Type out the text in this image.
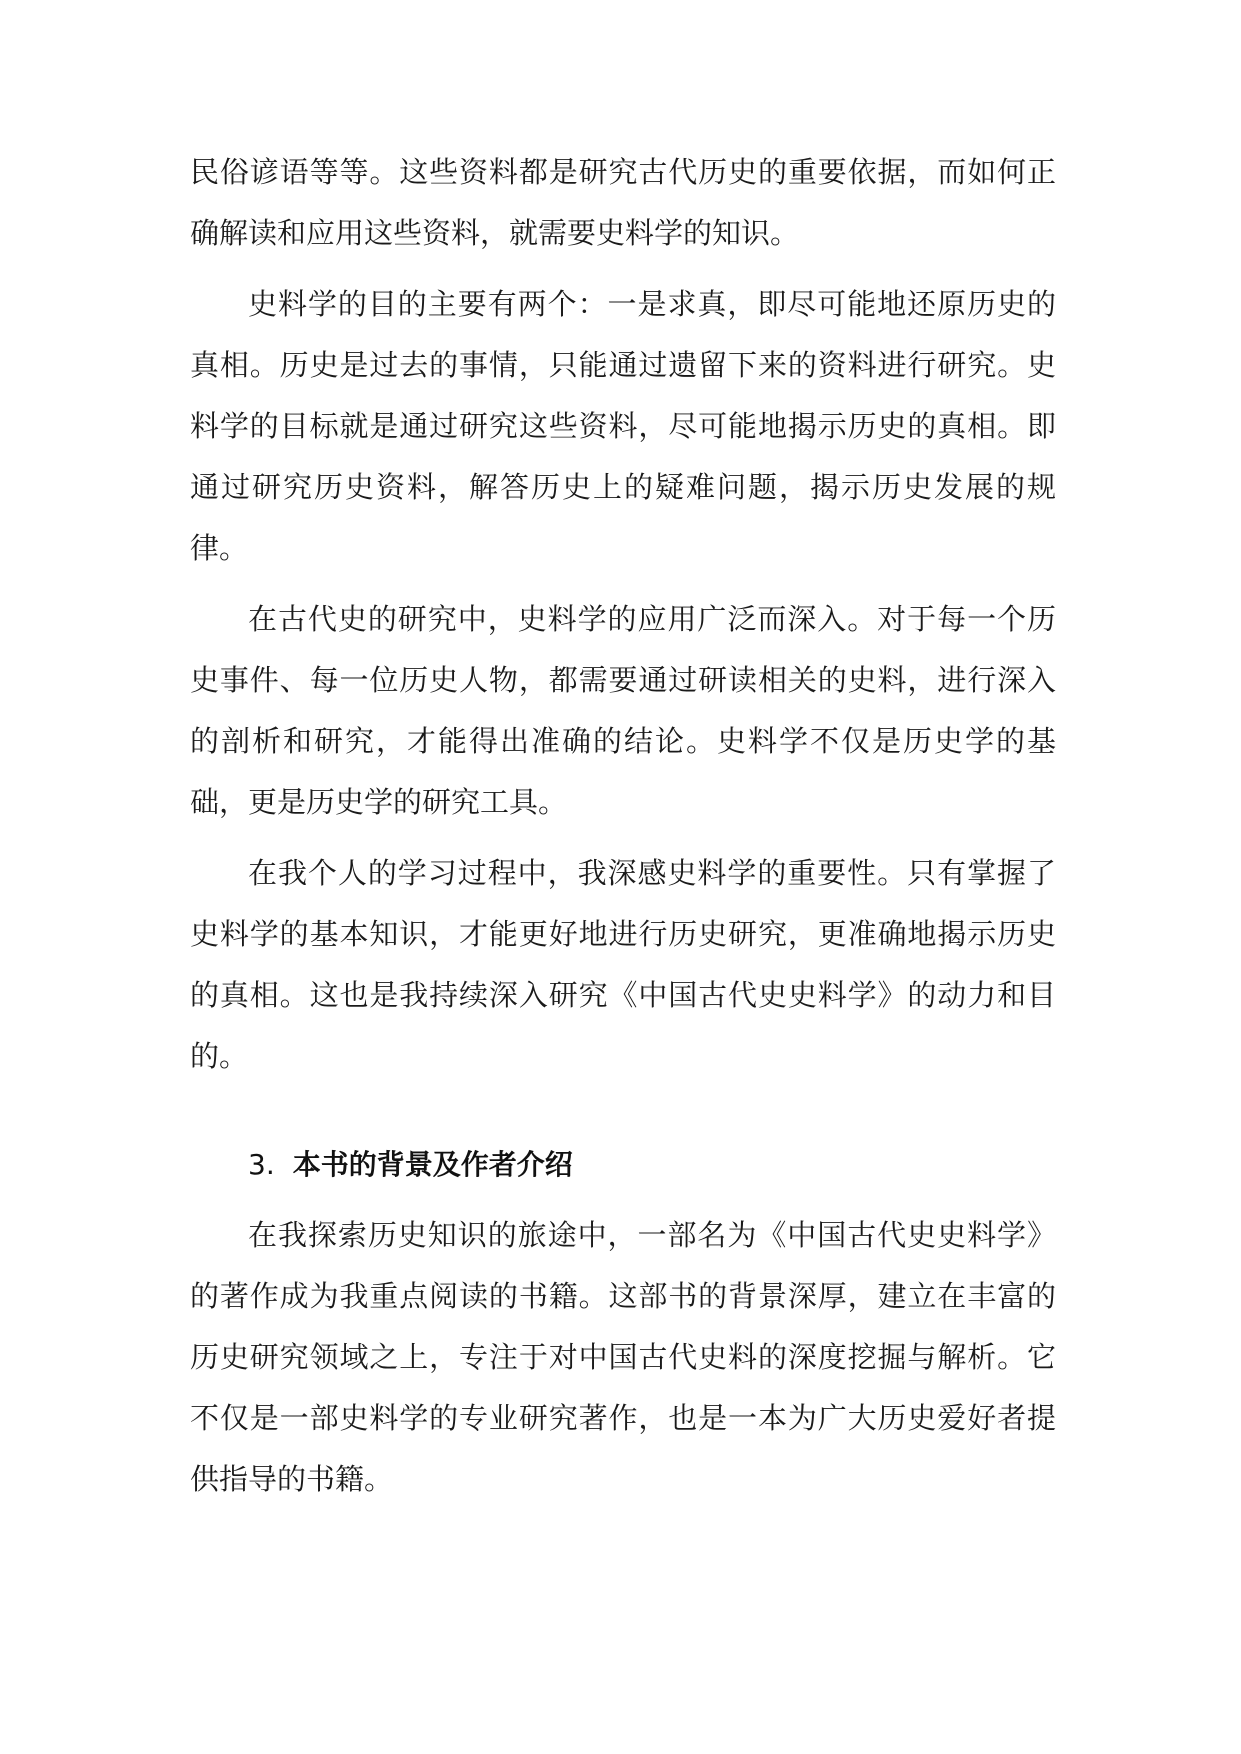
民俗谚语等等。这些资料都是研究古代历史的重要依据，而如何正确解读和应用这些资料，就需要史料学的知识。

史料学的目的主要有两个：一是求真，即尽可能地还原历史的真相。历史是过去的事情，只能通过遗留下来的资料进行研究。史料学的目标就是通过研究这些资料，尽可能地揭示历史的真相。即通过研究历史资料，解答历史上的疑难问题，揭示历史发展的规律。

在古代史的研究中，史料学的应用广泛而深入。对于每一个历史事件、每一位历史人物，都需要通过研读相关的史料，进行深入的剖析和研究，才能得出准确的结论。史料学不仅是历史学的基础，更是历史学的研究工具。

在我个人的学习过程中，我深感史料学的重要性。只有掌握了史料学的基本知识，才能更好地进行历史研究，更准确地揭示历史的真相。这也是我持续深入研究《中国古代史史料学》的动力和目的。

3. 本书的背景及作者介绍

在我探索历史知识的旅途中，一部名为《中国古代史史料学》的著作成为我重点阅读的书籍。这部书的背景深厚，建立在丰富的历史研究领域之上，专注于对中国古代史料的深度挖掘与解析。它不仅是一部史料学的专业研究著作，也是一本为广大历史爱好者提供指导的书籍。
